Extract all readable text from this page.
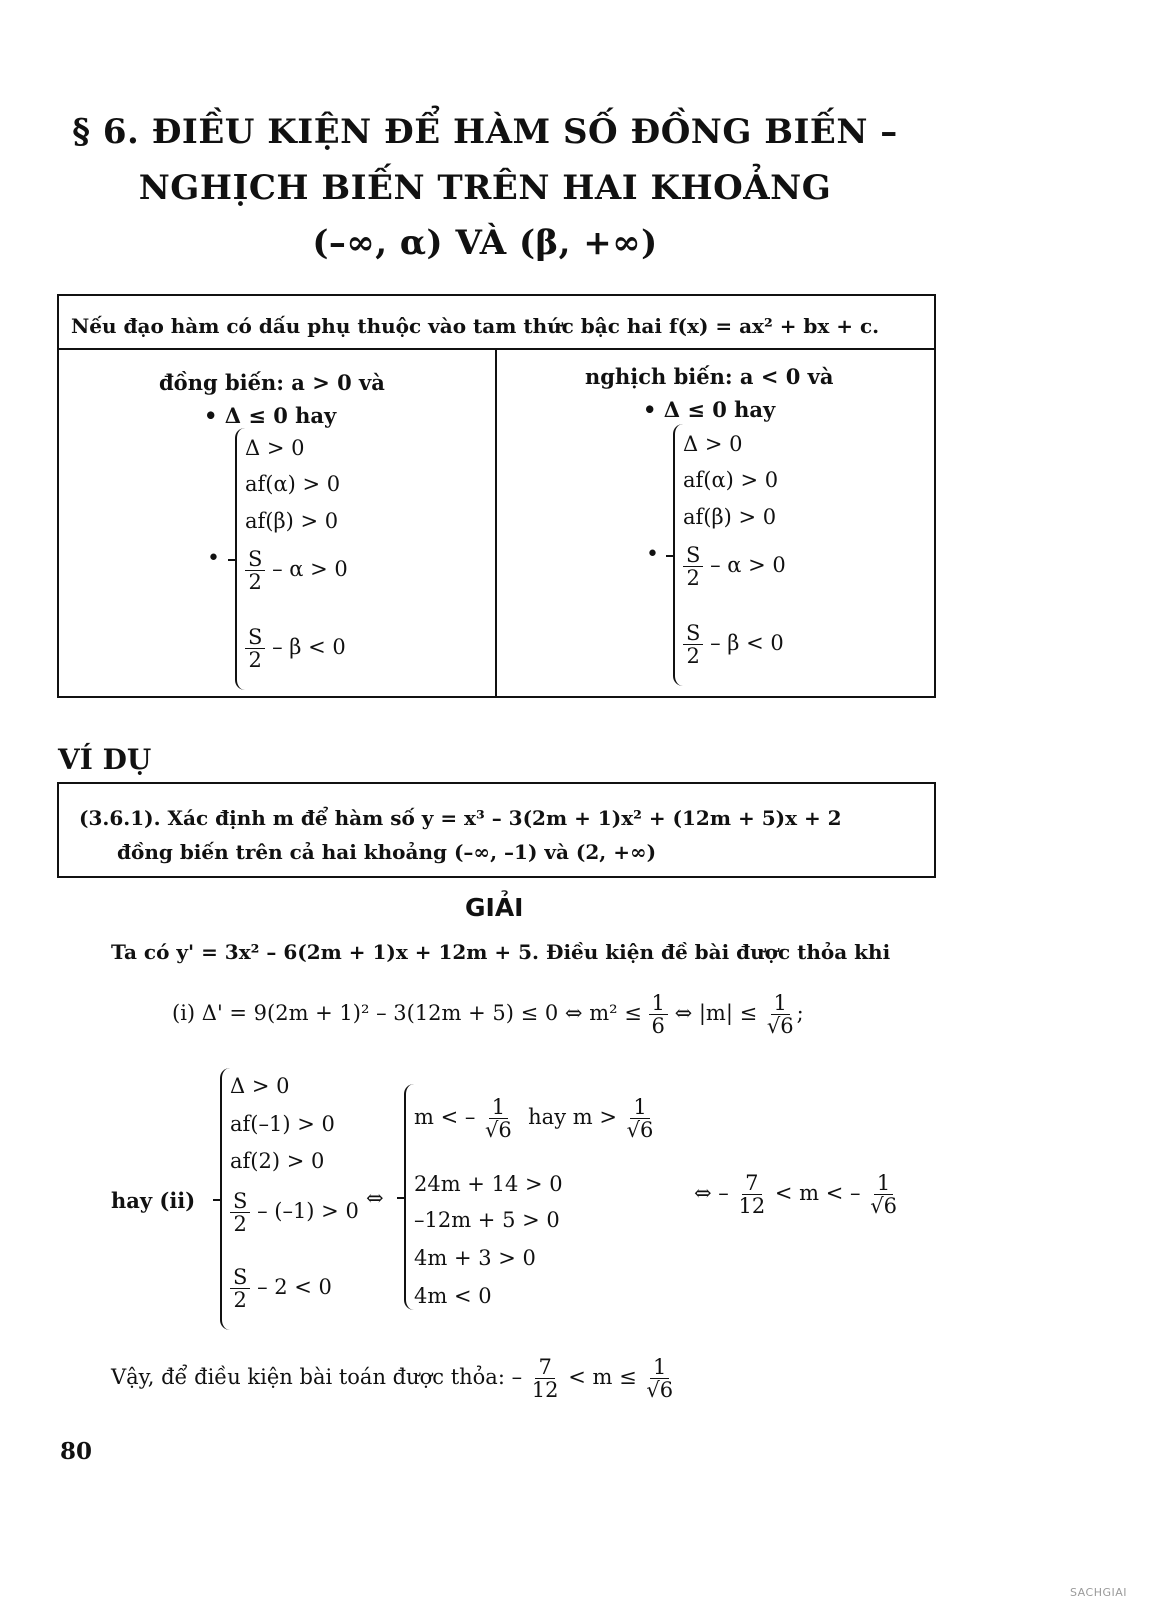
§ 6. ĐIỀU KIỆN ĐỂ HÀM SỐ ĐỒNG BIẾN –
NGHỊCH BIẾN TRÊN HAI KHOẢNG
(–∞, α) VÀ (β, +∞)
Nếu đạo hàm có dấu phụ thuộc vào tam thức bậc hai f(x) = ax² + bx + c.
đồng biến: a > 0 và
• Δ ≤ 0 hay
•
Δ > 0
af(α) > 0
af(β) > 0
$\frac{S}{2} - \alpha > 0$
$\frac{S}{2} - \beta < 0$
nghịch biến: a < 0 và
• Δ ≤ 0 hay
•
Δ > 0
af(α) > 0
af(β) > 0
$\frac{S}{2} - \alpha > 0$
$\frac{S}{2} - \beta < 0$
VÍ DỤ
(3.6.1). Xác định m để hàm số y = x³ – 3(2m + 1)x² + (12m + 5)x + 2
đồng biến trên cả hai khoảng (–∞, –1) và (2, +∞)
GIẢI
Ta có y' = 3x² – 6(2m + 1)x + 12m + 5. Điều kiện đề bài được thỏa khi
(i) Δ' = 9(2m + 1)² – 3(12m + 5) ≤ 0 ⇔ $m^2 \le \frac{1}{6}$ ⇔ $|m| \le \frac{1}{√6}$ ;
hay (ii)
Δ > 0
af(–1) > 0
af(2) > 0
$\frac{S}{2} - (-1) > 0$
$\frac{S}{2} - 2 < 0$
⇔
m < – $\frac{1}{√6}$ hay $m > \frac{1}{√6}$
24m + 14 > 0
–12m + 5 > 0
4m + 3 > 0
4m < 0
⇔ – $\frac{7}{12} < m$ < – $\frac{1}{√6}$
Vậy, để điều kiện bài toán được thỏa: – $\frac{7}{12} < m \le \frac{1}{√6}$
80
SACHGIAI
